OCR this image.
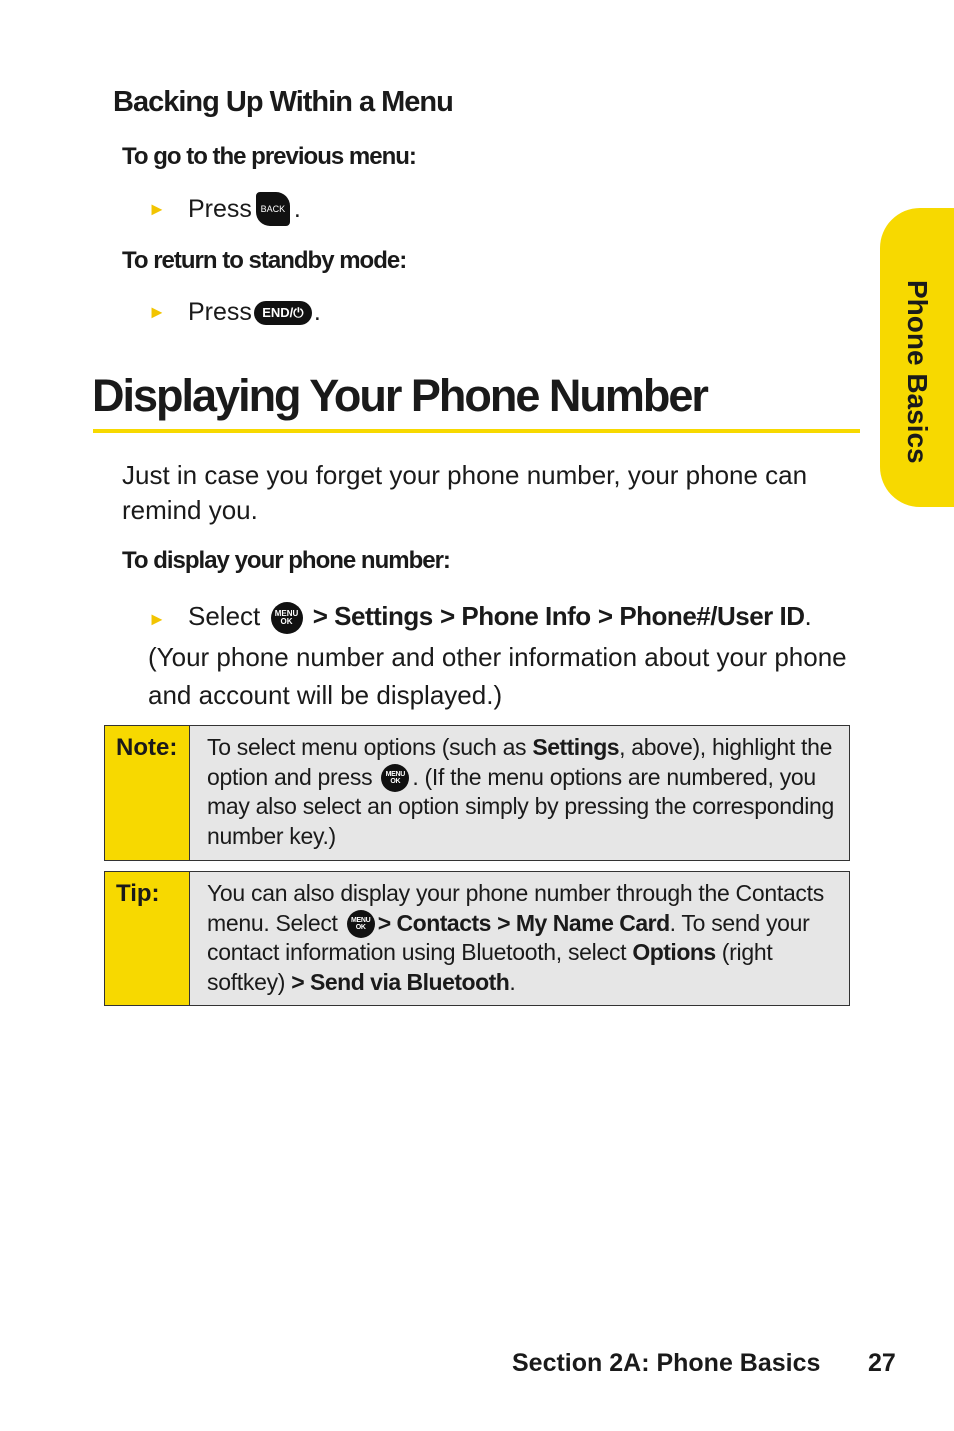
Backing Up Within a Menu
To go to the previous menu:
► Press BACK .
To return to standby mode:
► Press END/⏻ .
Displaying Your Phone Number
Just in case you forget your phone number, your phone can remind you.
To display your phone number:
► Select MENU
OK > Settings > Phone Info > Phone#/User ID. (Your phone number and other information about your phone and account will be displayed.)
Note:	To select menu options (such as Settings, above), highlight the option and press MENU
OK . (If the menu options are numbered, you may also select an option simply by pressing the corresponding number key.)
Tip:	You can also display your phone number through the Contacts menu. Select MENU
OK > Contacts > My Name Card. To send your contact information using Bluetooth, select Options (right softkey) > Send via Bluetooth.
Phone Basics
Section 2A: Phone Basics 27
